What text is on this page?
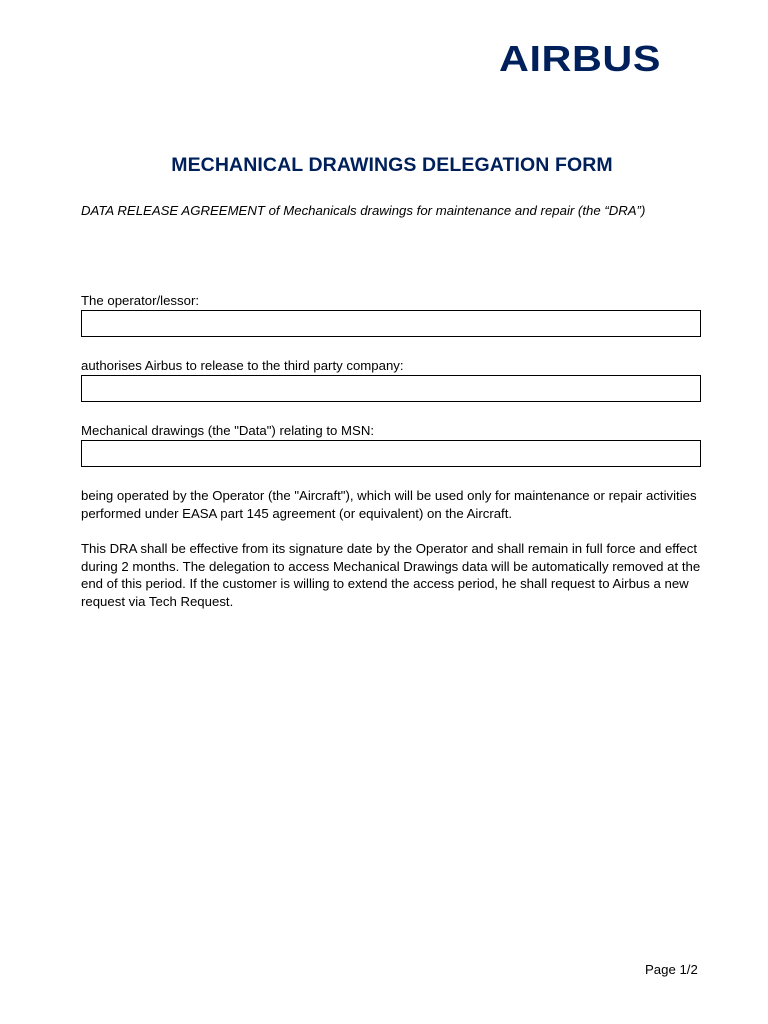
AIRBUS
MECHANICAL DRAWINGS DELEGATION FORM

DATA RELEASE AGREEMENT of Mechanicals drawings for maintenance and repair (the “DRA”)

The operator/lessor:

authorises Airbus to release to the third party company:

Mechanical drawings (the "Data") relating to MSN:

being operated by the Operator (the "Aircraft"), which will be used only for maintenance or repair activities performed under EASA part 145 agreement (or equivalent) on the Aircraft.

This DRA shall be effective from its signature date by the Operator and shall remain in full force and effect during 2 months. The delegation to access Mechanical Drawings data will be automatically removed at the end of this period. If the customer is willing to extend the access period, he shall request to Airbus a new request via Tech Request.

Page 1/2
